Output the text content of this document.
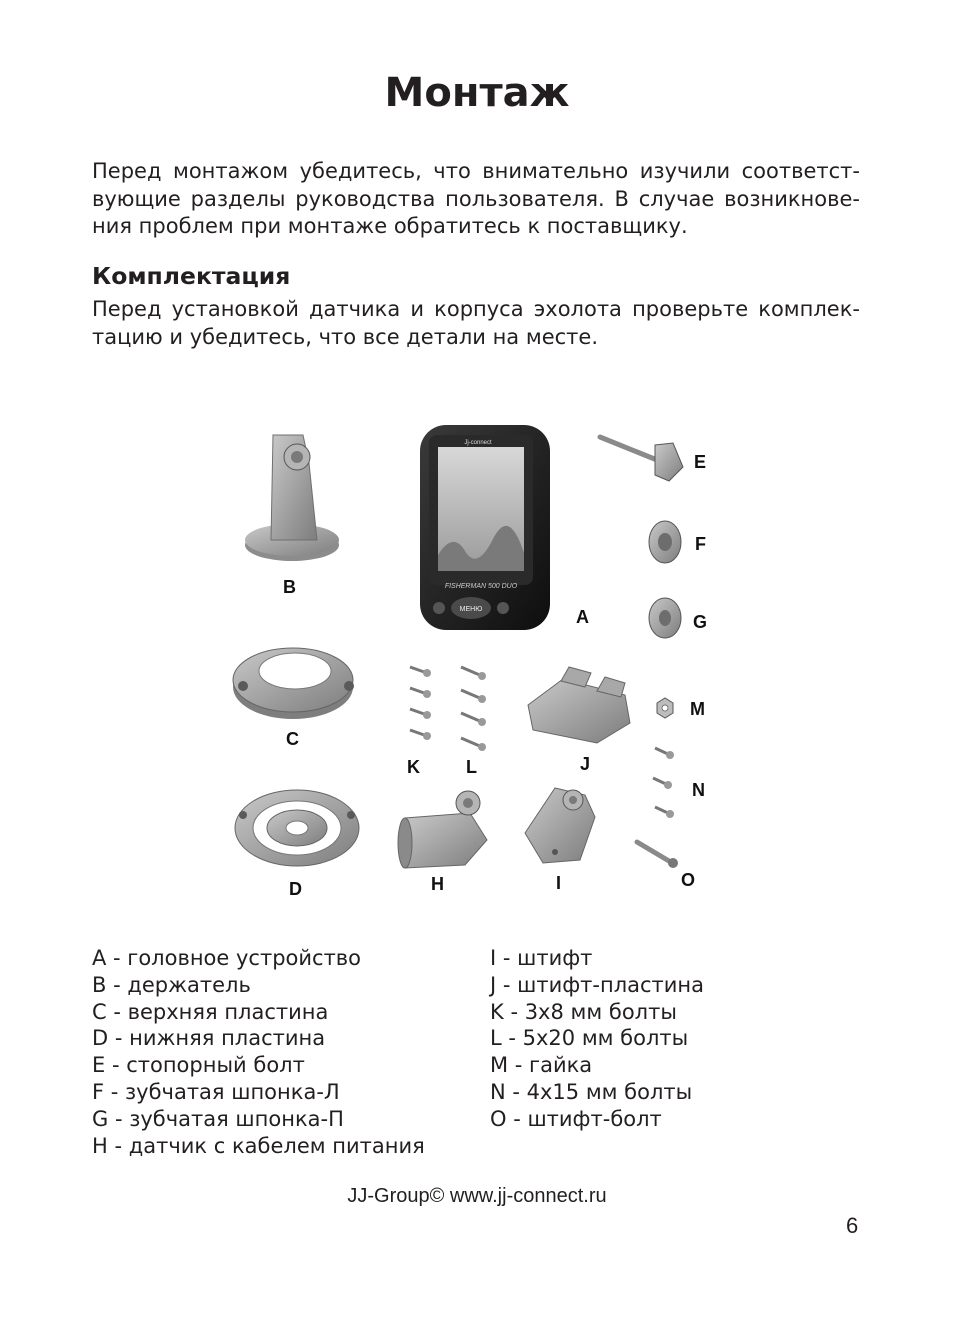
Монтаж

Перед монтажом убедитесь, что внимательно изучили соответст-вующие разделы руководства пользователя. В случае возникнове-ния проблем при монтаже обратитесь к поставщику.

Комплектация

Перед установкой датчика и корпуса эхолота проверьте комплек-тацию и убедитесь, что все детали на месте.

B
Jj-connect
FISHERMAN 500 DUO
МЕНЮ	A
E
F
G
C
K	L	J
M
N
D	H	I	O
A - головное устройство
B - держатель
C - верхняя пластина
D - нижняя пластина
E - стопорный болт
F - зубчатая шпонка-Л
G - зубчатая шпонка-П
H - датчик с кабелем питания
I - штифт
J - штифт-пластина
K - 3x8 мм болты
L - 5x20 мм болты
M - гайка
N - 4x15 мм болты
O - штифт-болт
JJ-Group© www.jj-connect.ru
6
